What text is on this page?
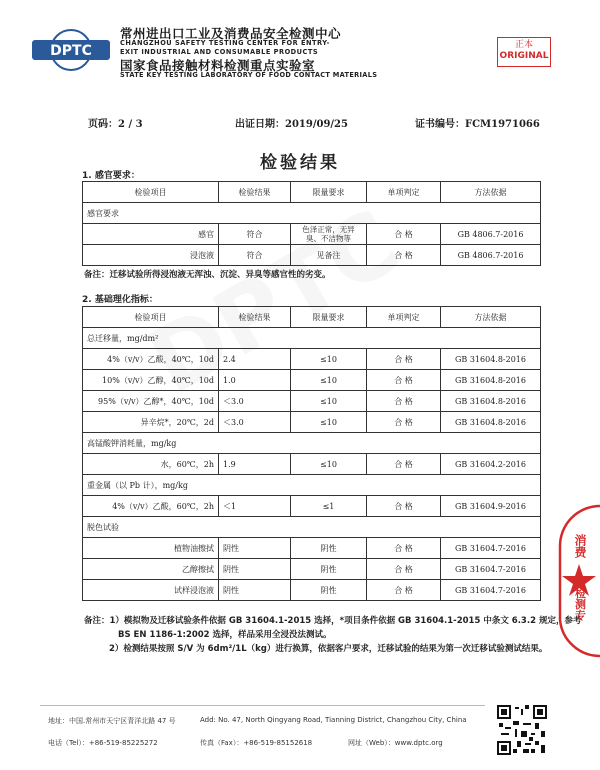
DPTC
常州进出口工业及消费品安全检测中心
CHANGZHOU SAFETY TESTING CENTER FOR ENTRY-EXIT INDUSTRIAL AND CONSUMABLE PRODUCTS
国家食品接触材料检测重点实验室
STATE KEY TESTING LABORATORY OF FOOD CONTACT MATERIALS
正本
ORIGINAL
页码：2 / 3	出证日期：2019/09/25	证书编号：FCM1971066
检验结果
1. 感官要求：
检验项目	检验结果	限量要求	单项判定	方法依据
感官要求				
感官	符合	色泽正常，无异臭、不洁物等	合 格	GB 4806.7-2016
浸泡液	符合	见备注	合 格	GB 4806.7-2016
备注：迁移试验所得浸泡液无浑浊、沉淀、异臭等感官性的劣变。
2. 基础理化指标：
检验项目	检验结果	限量要求	单项判定	方法依据
总迁移量，mg/dm²				
4%（v/v）乙酸，40℃，10d	2.4	≤10	合 格	GB 31604.8-2016
10%（v/v）乙醇，40℃，10d	1.0	≤10	合 格	GB 31604.8-2016
95%（v/v）乙醇*，40℃，10d	＜3.0	≤10	合 格	GB 31604.8-2016
异辛烷*，20℃，2d	＜3.0	≤10	合 格	GB 31604.8-2016
高锰酸钾消耗量，mg/kg				
水，60℃，2h	1.9	≤10	合 格	GB 31604.2-2016
重金属（以 Pb 计），mg/kg				
4%（v/v）乙酸，60℃，2h	＜1	≤1	合 格	GB 31604.9-2016
脱色试验				
植物油擦拭	阴性	阴性	合 格	GB 31604.7-2016
乙醇擦拭	阴性	阴性	合 格	GB 31604.7-2016
试样浸泡液	阴性	阴性	合 格	GB 31604.7-2016
备注：1）模拟物及迁移试验条件依据 GB 31604.1-2015 选择，*项目条件依据 GB 31604.1-2015 中条文 6.3.2 规定，参考
BS EN 1186-1:2002 选择，样品采用全浸没法测试。
2）检测结果按照 S/V 为 6dm²/1L（kg）进行换算，依据客户要求，迁移试验的结果为第一次迁移试验测试结果。
地址：中国.常州市天宁区青洋北路 47 号	Add: No. 47, North Qingyang Road, Tianning District, Changzhou City, China
电话（Tel）：+86-519-85225272	传真（Fax）：+86-519-85152618	网址（Web）：www.dptc.org
消费
检测专
